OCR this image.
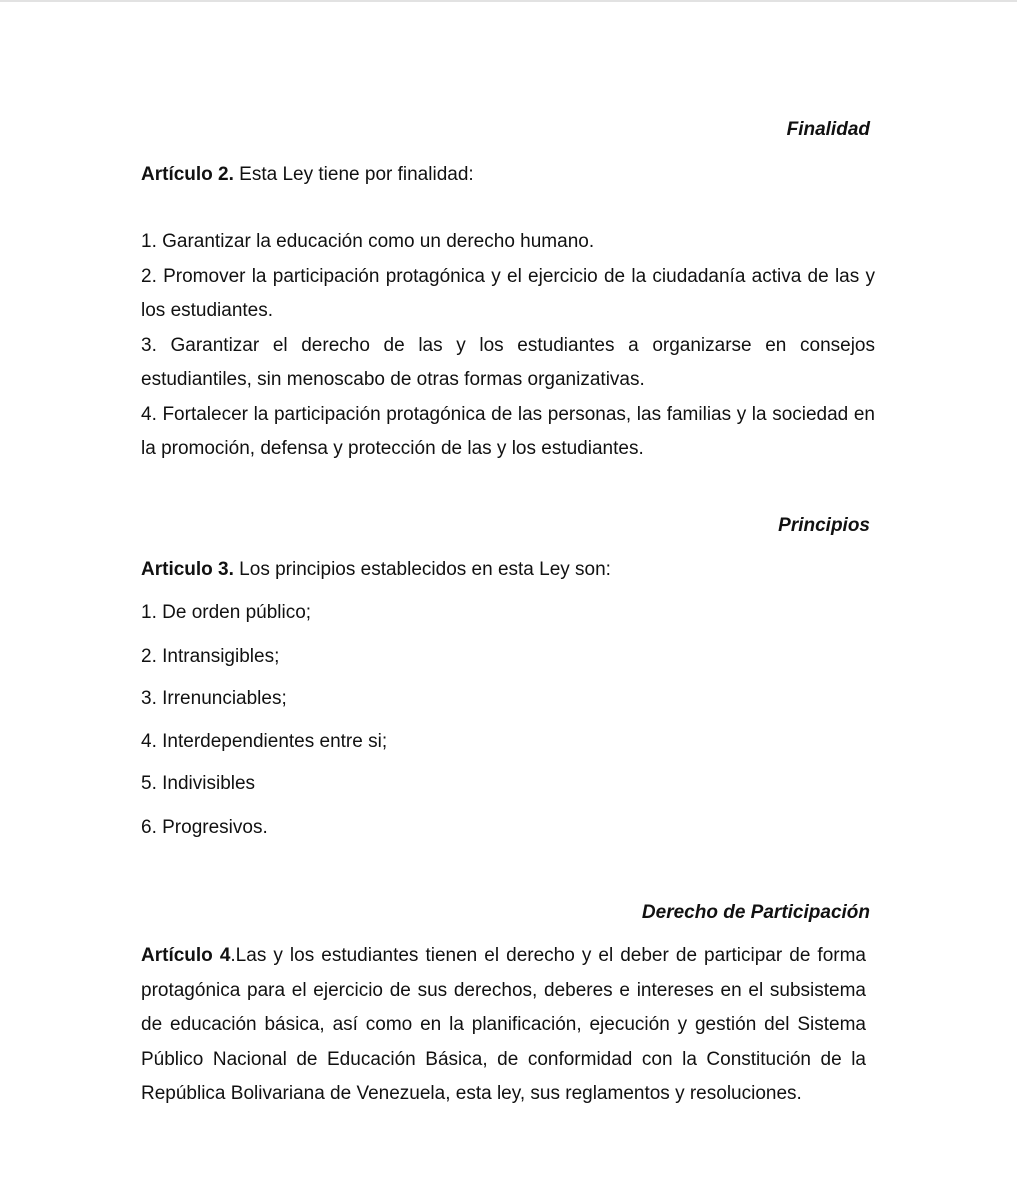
Finalidad
Artículo 2. Esta Ley tiene por finalidad:
1. Garantizar la educación como un derecho humano.
2. Promover la participación protagónica y el ejercicio de la ciudadanía activa de las y los estudiantes.
3. Garantizar el derecho de las y los estudiantes a organizarse en consejos estudiantiles, sin menoscabo de otras formas organizativas.
4. Fortalecer la participación protagónica de las personas, las familias y la sociedad en la promoción, defensa y protección de las y los estudiantes.
Principios
Articulo 3. Los principios establecidos en esta Ley son:
1. De orden público;
2. Intransigibles;
3. Irrenunciables;
4. Interdependientes entre si;
5. Indivisibles
6. Progresivos.
Derecho de Participación
Artículo 4.Las y los estudiantes tienen el derecho y el deber de participar de forma protagónica para el ejercicio de sus derechos, deberes e intereses en el subsistema de educación básica, así como en la planificación, ejecución y gestión del Sistema Público Nacional de Educación Básica, de conformidad con la Constitución de la República Bolivariana de Venezuela, esta ley, sus reglamentos y resoluciones.
